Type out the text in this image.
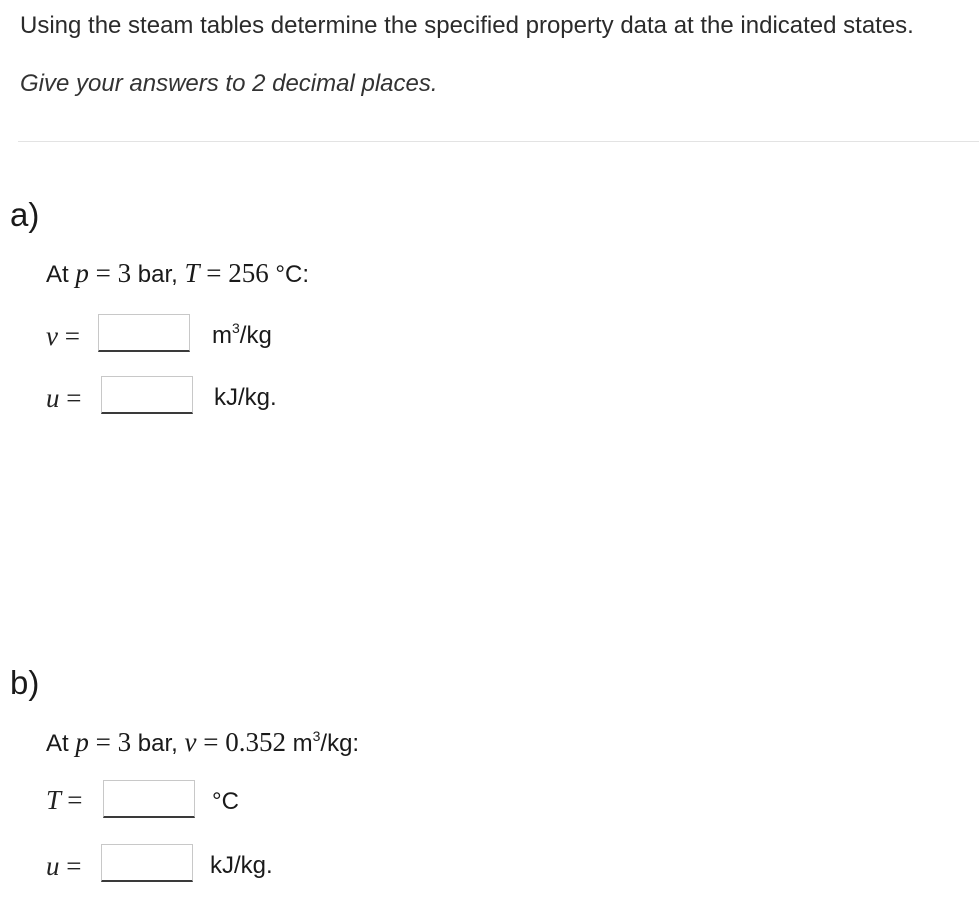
Using the steam tables determine the specified property data at the indicated states.
Give your answers to 2 decimal places.
a)
At p = 3 bar, T = 256 °C:
v =	$m^3/kg$
u =	kJ/kg.
b)
At p = 3 bar, v = 0.352 $m^3/kg$:
T =	°C
u =	kJ/kg.
